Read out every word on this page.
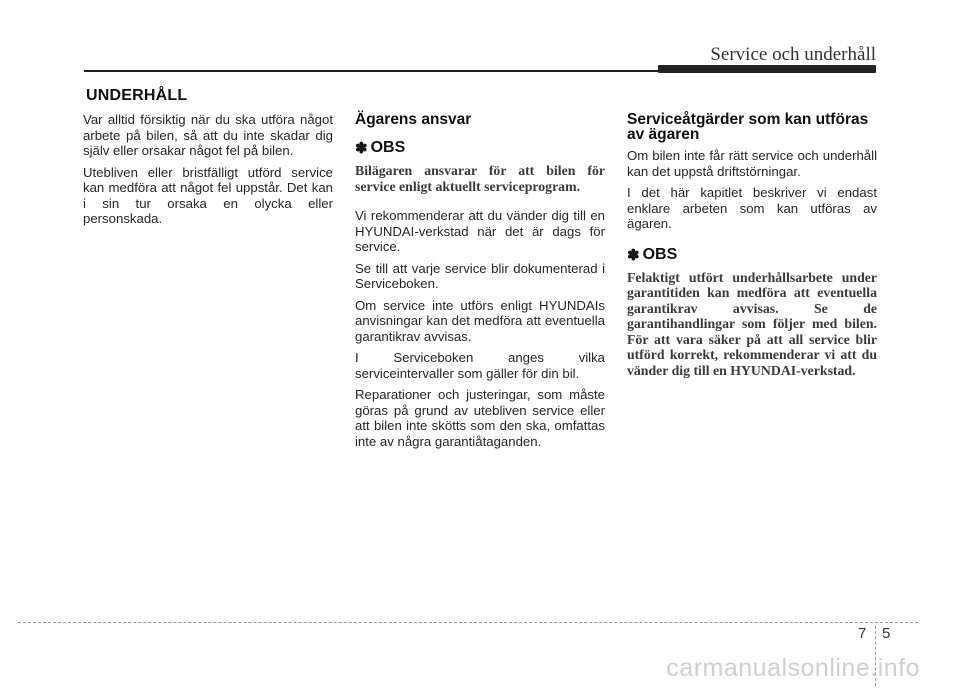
Service och underhåll
UNDERHÅLL

Var alltid försiktig när du ska utföra något arbete på bilen, så att du inte skadar dig själv eller orsakar något fel på bilen.

Utebliven eller bristfälligt utförd service kan medföra att något fel uppstår. Det kan i sin tur orsaka en olycka eller personskada.

Ägarens ansvar
✽ OBS

Bilägaren ansvarar för att bilen för service enligt aktuellt serviceprogram.

Vi rekommenderar att du vänder dig till en HYUNDAI-verkstad när det är dags för service.

Se till att varje service blir dokumenterad i Serviceboken.

Om service inte utförs enligt HYUNDAIs anvisningar kan det medföra att eventuella garantikrav avvisas.

I Serviceboken anges vilka serviceintervaller som gäller för din bil.

Reparationer och justeringar, som måste göras på grund av utebliven service eller att bilen inte skötts som den ska, omfattas inte av några garantiåtaganden.

Serviceåtgärder som kan utföras av ägaren

Om bilen inte får rätt service och underhåll kan det uppstå driftstörningar.

I det här kapitlet beskriver vi endast enklare arbeten som kan utföras av ägaren.

✽ OBS

Felaktigt utfört underhållsarbete under garantitiden kan medföra att eventuella garantikrav avvisas. Se de garantihandlingar som följer med bilen. För att vara säker på att all service blir utförd korrekt, rekommenderar vi att du vänder dig till en HYUNDAI-verkstad.

7 5
carmanualsonline.info
